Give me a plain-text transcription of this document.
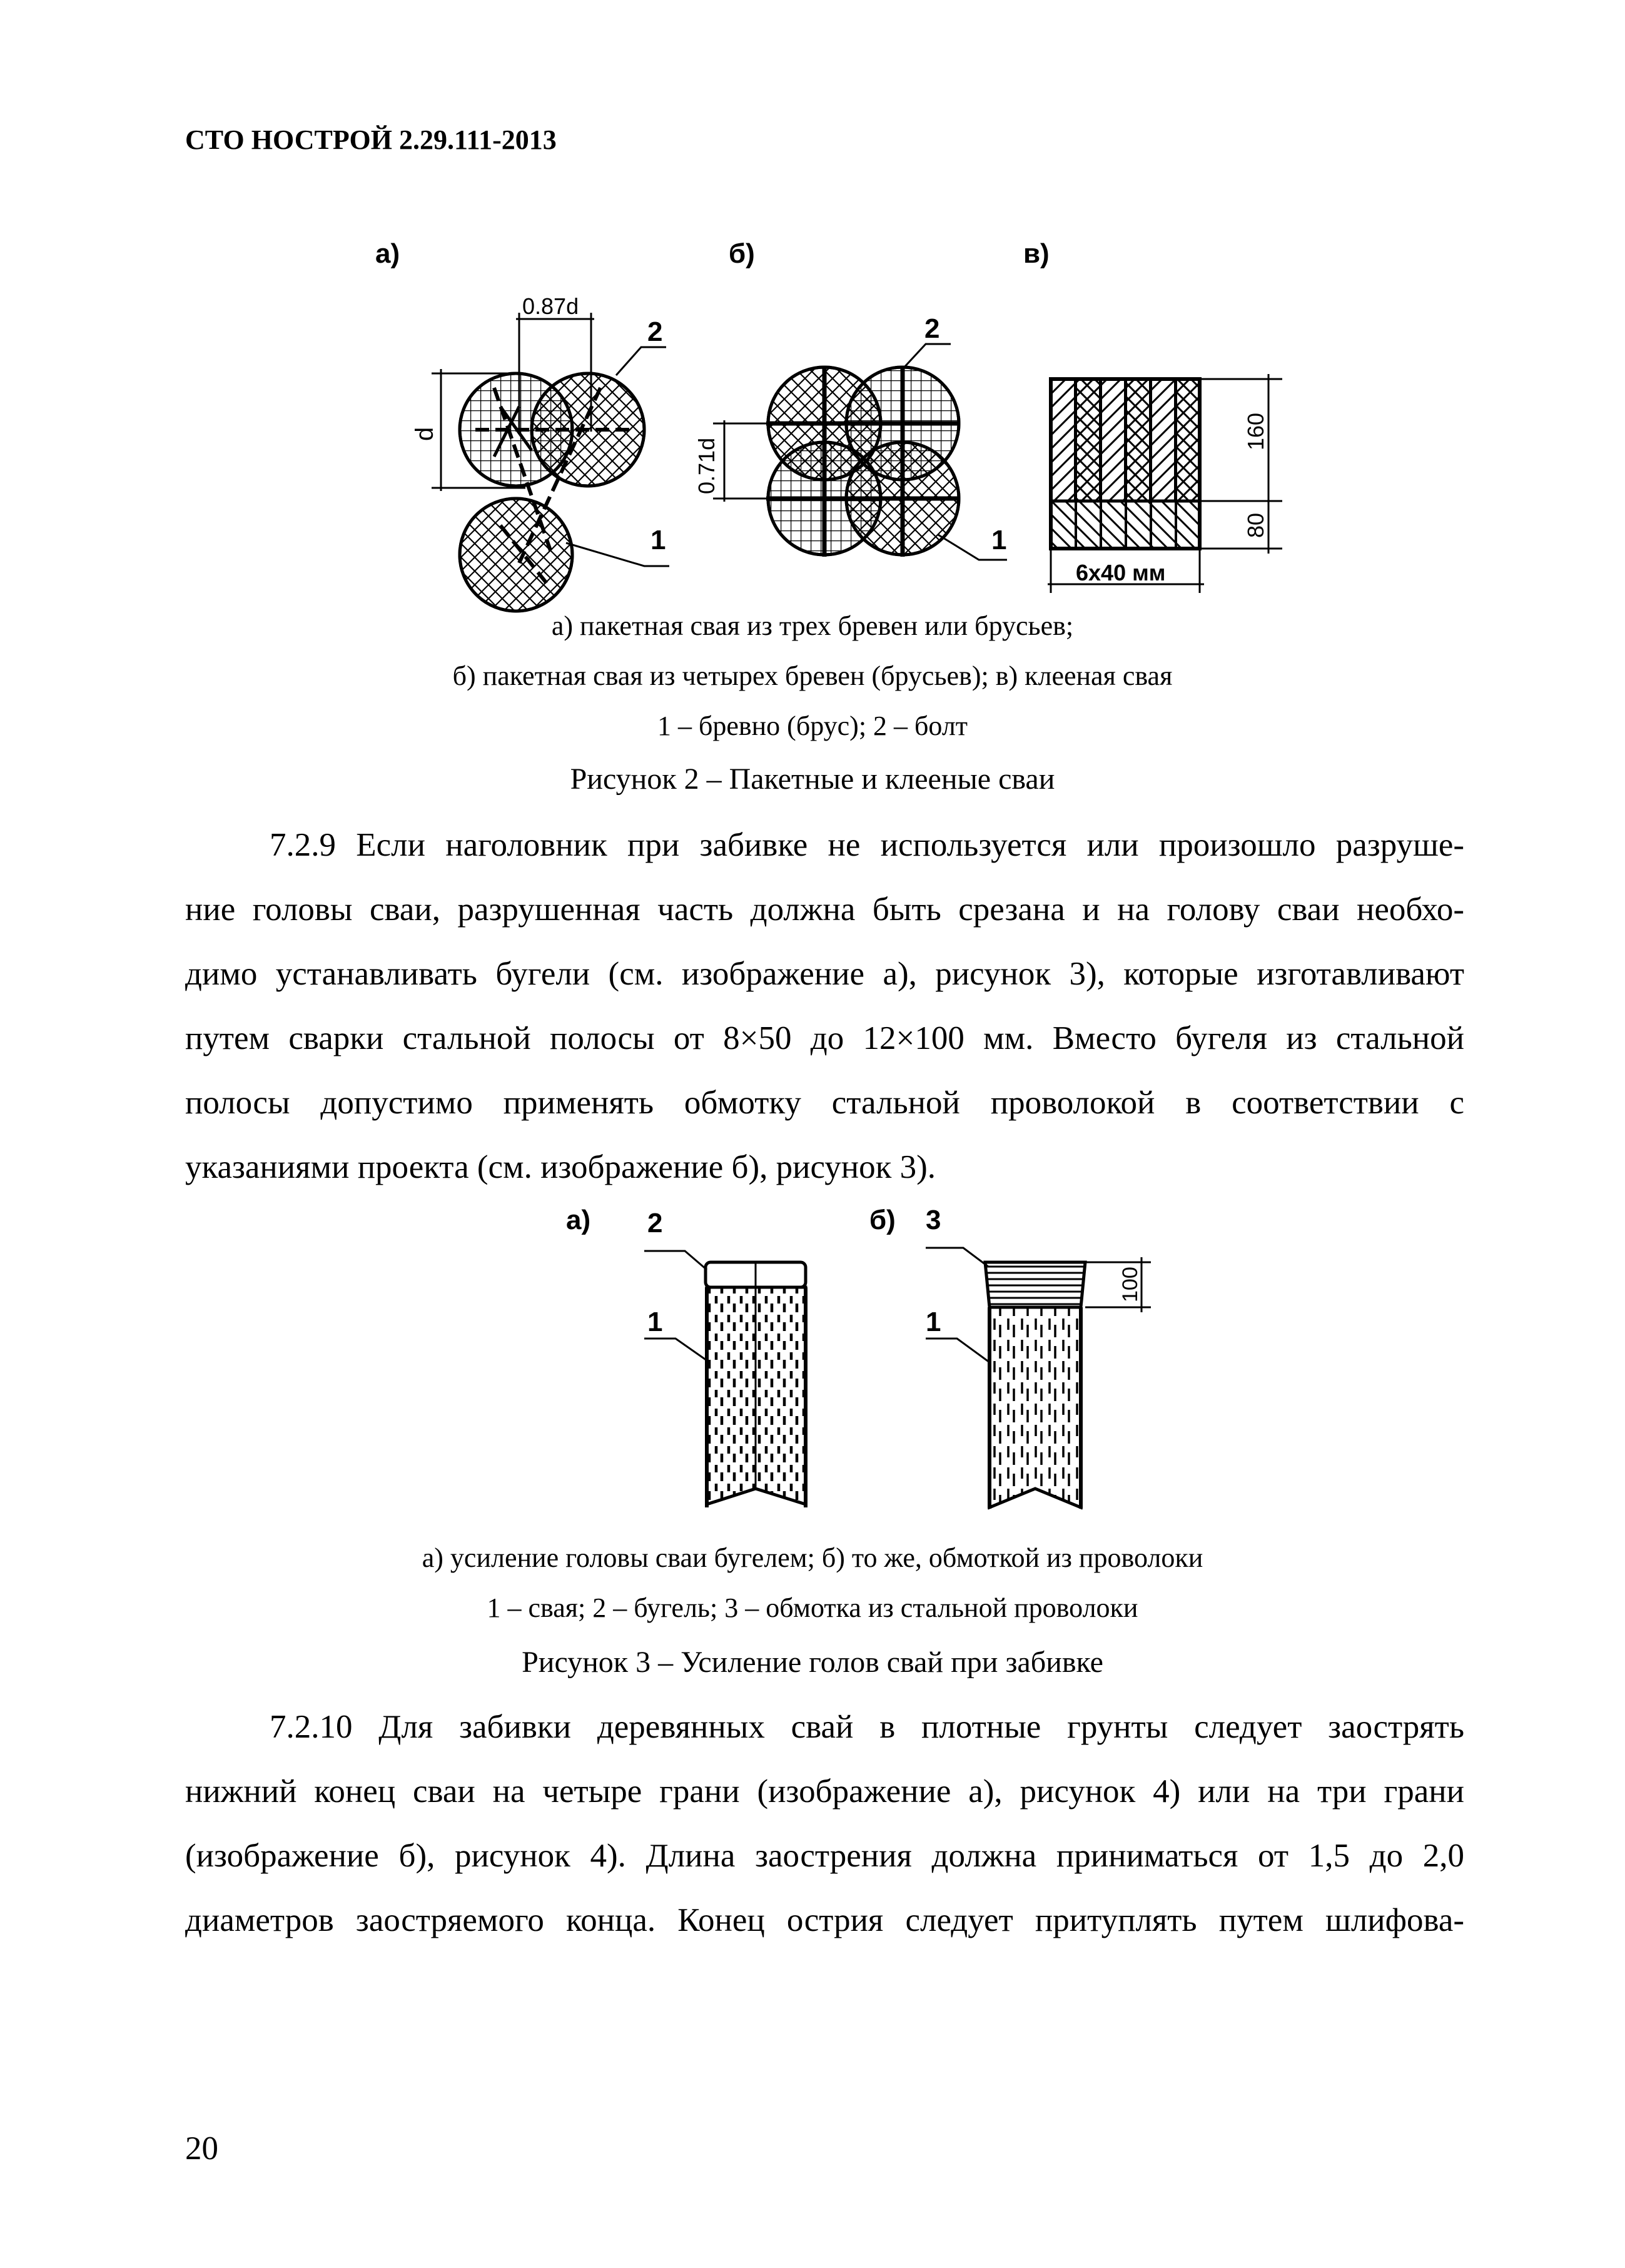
СТО НОСТРОЙ 2.29.111-2013
а)	б)	в)
0.87d
d
2
1
0.71d
2
1
160
80
6х40 мм
а) пакетная свая из трех бревен или брусьев;
б) пакетная свая из четырех бревен (брусьев); в) клееная свая
1 – бревно (брус); 2 – болт
Рисунок 2 – Пакетные и клееные сваи
7.2.9 Если наголовник при забивке не используется или произошло разруше-
ние головы сваи, разрушенная часть должна быть срезана и на голову сваи необхо-
димо устанавливать бугели (см. изображение а), рисунок 3), которые изготавливают
путем сварки стальной полосы от 8×50 до 12×100 мм. Вместо бугеля из стальной
полосы допустимо применять обмотку стальной проволокой в соответствии с
указаниями проекта (см. изображение б), рисунок 3).
а)	б)
2
1
3
1
100
а) усиление головы сваи бугелем; б) то же, обмоткой из проволоки
1 – свая; 2 – бугель; 3 – обмотка из стальной проволоки
Рисунок 3 – Усиление голов свай при забивке
7.2.10 Для забивки деревянных свай в плотные грунты следует заострять
нижний конец сваи на четыре грани (изображение а), рисунок 4) или на три грани
(изображение б), рисунок 4). Длина заострения должна приниматься от 1,5 до 2,0
диаметров заостряемого конца. Конец острия следует притуплять путем шлифова-
20
